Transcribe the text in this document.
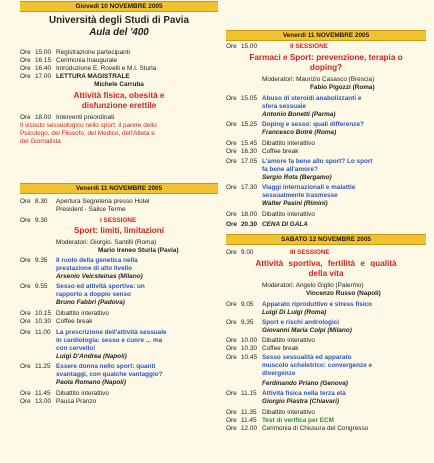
Giovedì 10 NOVEMBRE 2005
Università degli Studi di Pavia
Aula del '400
Ore 15.00 Registrazione partecipanti
Ore 16.15 Cerimonia Inaugurale
Ore 16.40 Introduzione E. Rovelli e M.I. Sturla
Ore 17.00 LETTURA MAGISTRALE
Michele Carruba
Attività fisica, obesità e
disfunzione erettile
Ore 18.00 Interventi preordinati
Il vissuto sessuologico nello sport: il parere dello
Psicologo, del Filosofo, del Medico, dell'Atleta e
del Giornalista
Venerdì 11 NOVEMBRE 2005
Ore 8.30 Apertura Segreteria presso Hotel
President - Salice Terme
Ore 9.30	I SESSIONE
Sport: limiti, limitazioni
Moderatori: Giorgio. Santilli (Roma)
Mario Ireneo Sturla (Pavia)
Ore 9.35 Il ruolo della genetica nella
prestazione di alto livello
Arsenio Veicsteinas (Milano)
Ore 9.55 Sesso ed attività sportiva: un
rapporto a doppio senso
Bruno Fabbri (Padova)
Ore 10.15 Dibattito interattivo
Ore 10.30 Coffee break
Ore 11.00 La prescrizione dell'attività sessuale
in cardiologia: sesso e cuore ... ma
con cervello!
Luigi D'Andrea (Napoli)
Ore 11.25 Essere donna nello sport: quanti
svantaggi, con qualche vantaggio?
Paola Romano (Napoli)
Ore 11.45 Dibattito interattivo
Ore 13.00 Pausa Pranzo
Venerdì 11 NOVEMBRE 2005
Ore 15.00	II SESSIONE
Farmaci e Sport: prevenzione, terapia o
doping?
Moderatori: Maurizio Casasco (Brescia)
Fabio Pigozzi (Roma)
Ore 15.05 Abuso di steroidi anabolizzanti e
sfera sessuale
Antonio Bonetti (Parma)
Ore 15.25 Doping e sesso: quali differenze?
Francesco Botrè (Roma)
Ore 15.45 Dibattito interattivo
Ore 16.30 Coffee break
Ore 17.05 L'amore fa bene allo sport? Lo sport
fa bene all'amore?
Sergio Rota (Bergamo)
Ore 17.30 Viaggi internazionali e malattie
sessualmente trasmesse
Walter Pasini (Rimini)
Ore 18.00 Dibattito interattivo
Ore 20.30 CENA DI GALA
SABATO 12 NOVEMBRE 2005
Ore 9.00	III SESSIONE
Attività sportiva, fertilità e qualità
della vita
Moderatori: Angelo Giglio (Palermo)
Vincenzo Russo (Napoli)
Ore 9.05 Apparato riproduttivo e stress fisico
Luigi Di Luigi (Roma)
Ore 9.35 Sport e rischi andrologici
Giovanni Maria Colpi (Milano)
Ore 10.00 Dibattito interattivo
Ore 10.30 Coffee break
Ore 10.45 Sesso sessualità ed apparato
muscolo scheletrico: convergenze e
divergenze
Ferdinando Priano (Genova)
Ore 11.15 Attività fisica nella terza età
Giorgio Piastra (Chiavari)
Ore 11.35 Dibattito interattivo
Ore 11.45 Test di verifica per ECM
Ore 12.00 Cerimonia di Chiusura del Congresso
